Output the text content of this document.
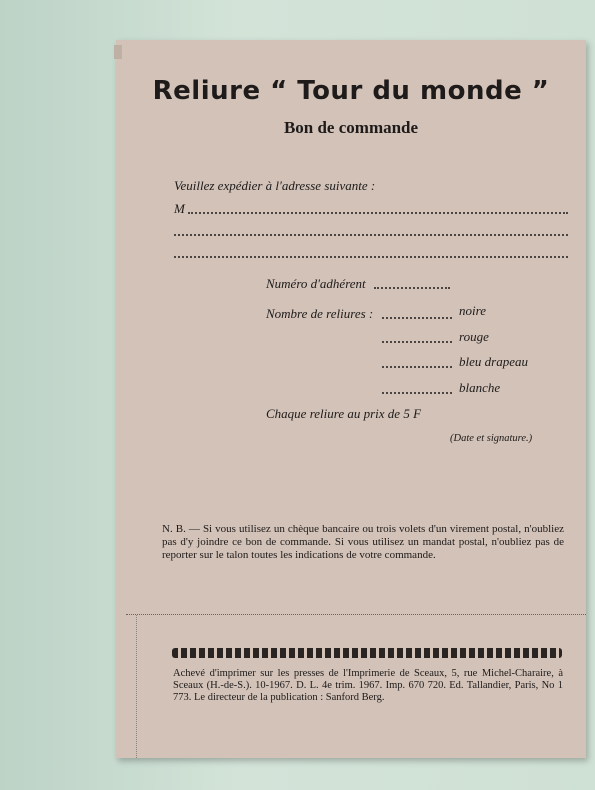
Reliure “ Tour du monde ”
Bon de commande
Veuillez expédier à l'adresse suivante :
M
Numéro d'adhérent
Nombre de reliures :	noire
rouge
bleu drapeau
blanche
Chaque reliure au prix de 5 F
(Date et signature.)
N. B. — Si vous utilisez un chèque bancaire ou trois volets d'un virement postal, n'oubliez pas d'y joindre ce bon de commande. Si vous utilisez un mandat postal, n'oubliez pas de reporter sur le talon toutes les indications de votre commande.
Achevé d'imprimer sur les presses de l'Imprimerie de Sceaux, 5, rue Michel-Charaire, à Sceaux (H.-de-S.). 10-1967. D. L. 4e trim. 1967. Imp. 670 720. Ed. Tallandier, Paris, No 1 773. Le directeur de la publication : Sanford Berg.
